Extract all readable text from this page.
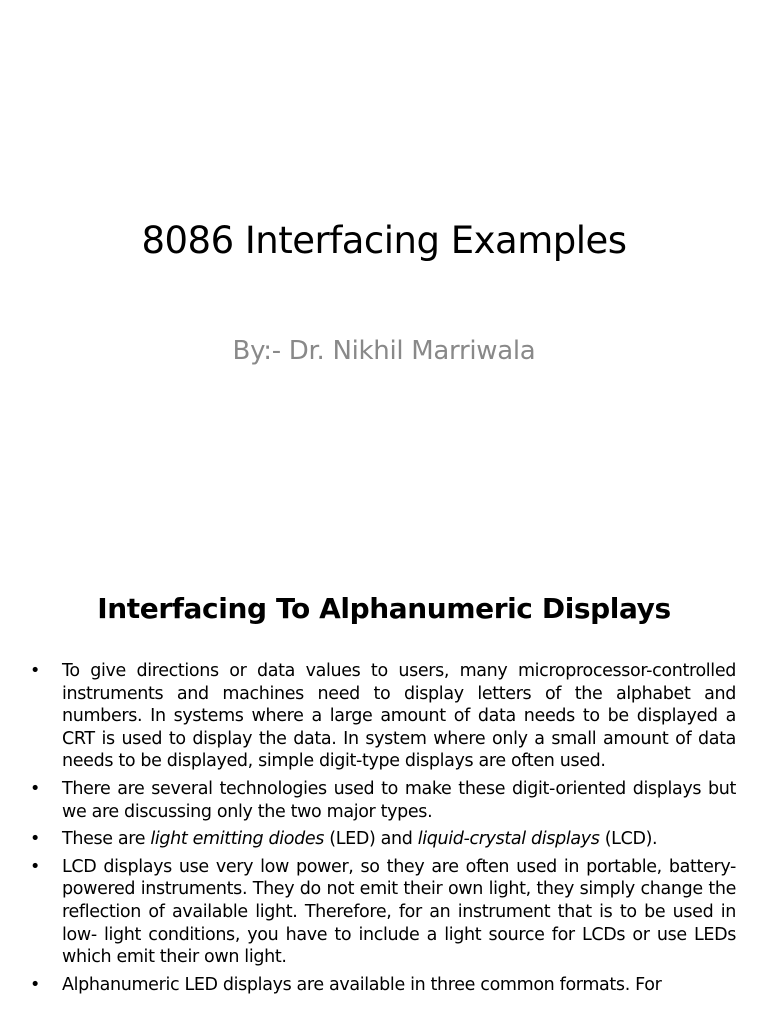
8086 Interfacing Examples
By:- Dr. Nikhil Marriwala
Interfacing To Alphanumeric Displays
•	To give directions or data values to users, many microprocessor-controlled instruments and machines need to display letters of the alphabet and numbers. In systems where a large amount of data needs to be displayed a CRT is used to display the data. In system where only a small amount of data needs to be displayed, simple digit-type displays are often used.
•	There are several technologies used to make these digit-oriented displays but we are discussing only the two major types.
•	These are light emitting diodes (LED) and liquid-crystal displays (LCD).
•	LCD displays use very low power, so they are often used in portable, battery- powered instruments. They do not emit their own light, they simply change the reflection of available light. Therefore, for an instrument that is to be used in low- light conditions, you have to include a light source for LCDs or use LEDs which emit their own light.
•	Alphanumeric LED displays are available in three common formats. For
